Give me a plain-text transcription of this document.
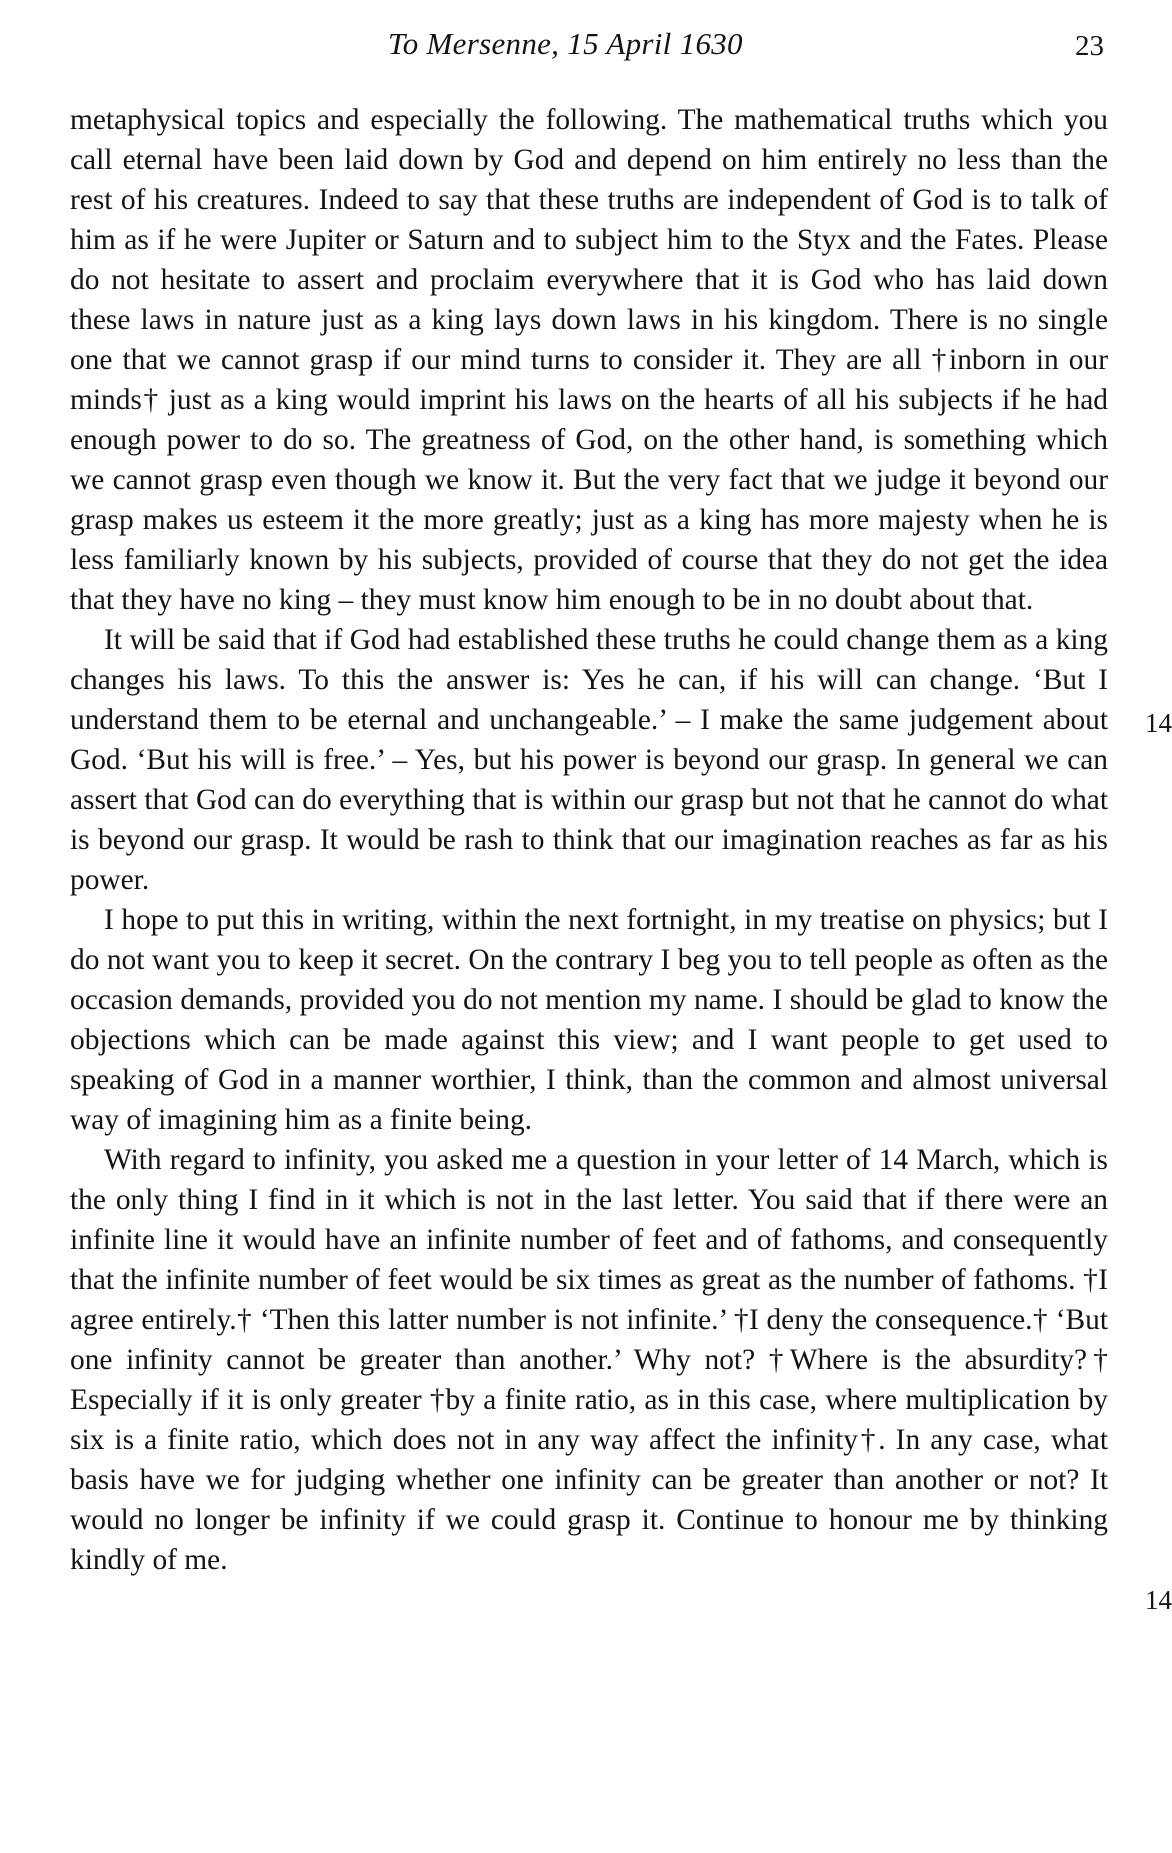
To Mersenne, 15 April 1630	23

metaphysical topics and especially the following. The mathematical truths which you call eternal have been laid down by God and depend on him entirely no less than the rest of his creatures. Indeed to say that these truths are independent of God is to talk of him as if he were Jupiter or Saturn and to subject him to the Styx and the Fates. Please do not hesitate to assert and proclaim everywhere that it is God who has laid down these laws in nature just as a king lays down laws in his kingdom. There is no single one that we cannot grasp if our mind turns to consider it. They are all †inborn in our minds† just as a king would imprint his laws on the hearts of all his subjects if he had enough power to do so. The greatness of God, on the other hand, is something which we cannot grasp even though we know it. But the very fact that we judge it beyond our grasp makes us esteem it the more greatly; just as a king has more majesty when he is less familiarly known by his subjects, provided of course that they do not get the idea that they have no king – they must know him enough to be in no doubt about that.

It will be said that if God had established these truths he could change them as a king changes his laws. To this the answer is: Yes he can, if his will can change. ‘But I understand them to be eternal and unchangeable.’ – I make the same judgement about God. ‘But his will is free.’ – Yes, but his power is beyond our grasp. In general we can assert that God can do everything that is within our grasp but not that he cannot do what is beyond our grasp. It would be rash to think that our imagination reaches as far as his power.

I hope to put this in writing, within the next fortnight, in my treatise on physics; but I do not want you to keep it secret. On the contrary I beg you to tell people as often as the occasion demands, provided you do not mention my name. I should be glad to know the objections which can be made against this view; and I want people to get used to speaking of God in a manner worthier, I think, than the common and almost universal way of imagining him as a finite being.

With regard to infinity, you asked me a question in your letter of 14 March, which is the only thing I find in it which is not in the last letter. You said that if there were an infinite line it would have an infinite number of feet and of fathoms, and consequently that the infinite number of feet would be six times as great as the number of fathoms. †I agree entirely.† ‘Then this latter number is not infinite.’ †I deny the consequence.† ‘But one infinity cannot be greater than another.’ Why not? †Where is the absurdity?† Especially if it is only greater †by a finite ratio, as in this case, where multiplication by six is a finite ratio, which does not in any way affect the infinity†. In any case, what basis have we for judging whether one infinity can be greater than another or not? It would no longer be infinity if we could grasp it. Continue to honour me by thinking kindly of me.

14
14
